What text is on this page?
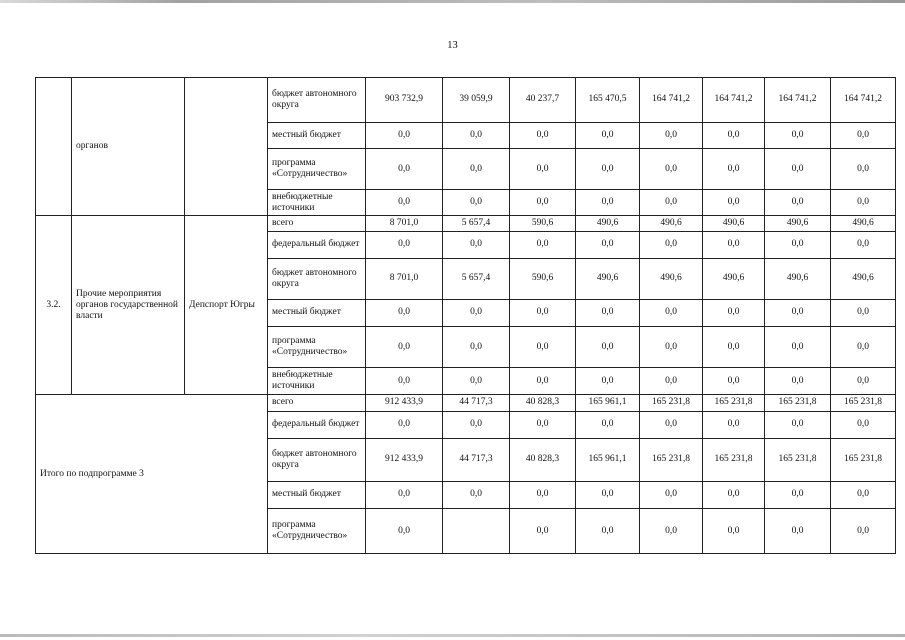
13
	органов		бюджет автономного округа	903 732,9	39 059,9	40 237,7	165 470,5	164 741,2	164 741,2	164 741,2	164 741,2
			местный бюджет	0,0	0,0	0,0	0,0	0,0	0,0	0,0	0,0
			программа «Сотрудничество»	0,0	0,0	0,0	0,0	0,0	0,0	0,0	0,0
			внебюджетные источники	0,0	0,0	0,0	0,0	0,0	0,0	0,0	0,0
3.2.	Прочие мероприятия органов государственной власти	Депспорт Югры	всего	8 701,0	5 657,4	590,6	490,6	490,6	490,6	490,6	490,6
			федеральный бюджет	0,0	0,0	0,0	0,0	0,0	0,0	0,0	0,0
			бюджет автономного округа	8 701,0	5 657,4	590,6	490,6	490,6	490,6	490,6	490,6
			местный бюджет	0,0	0,0	0,0	0,0	0,0	0,0	0,0	0,0
			программа «Сотрудничество»	0,0	0,0	0,0	0,0	0,0	0,0	0,0	0,0
			внебюджетные источники	0,0	0,0	0,0	0,0	0,0	0,0	0,0	0,0
Итого по подпрограмме 3			всего	912 433,9	44 717,3	40 828,3	165 961,1	165 231,8	165 231,8	165 231,8	165 231,8
			федеральный бюджет	0,0	0,0	0,0	0,0	0,0	0,0	0,0	0,0
			бюджет автономного округа	912 433,9	44 717,3	40 828,3	165 961,1	165 231,8	165 231,8	165 231,8	165 231,8
			местный бюджет	0,0	0,0	0,0	0,0	0,0	0,0	0,0	0,0
			программа «Сотрудничество»	0,0		0,0	0,0	0,0	0,0	0,0	0,0
